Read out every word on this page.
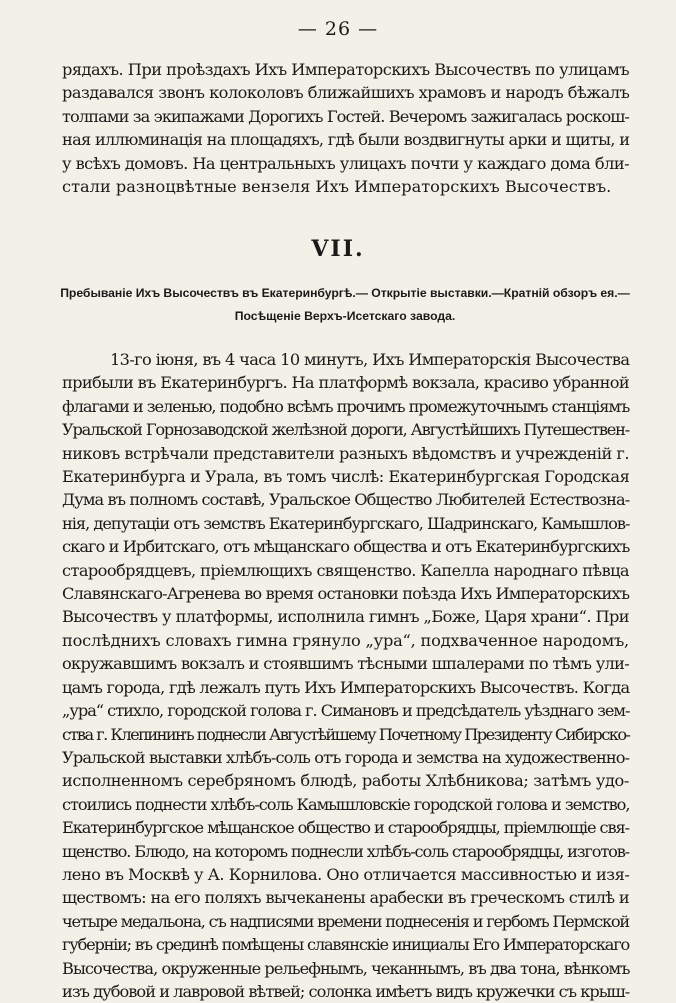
— 26 —
рядахъ. При проѣздахъ Ихъ Императорскихъ Высочествъ по улицамъ
раздавался звонъ колоколовъ ближайшихъ храмовъ и народъ бѣжалъ
толпами за экипажами Дорогихъ Гостей. Вечеромъ зажигалась роскош-
ная иллюминація на площадяхъ, гдѣ были воздвигнуты арки и щиты, и
у всѣхъ домовъ. На центральныхъ улицахъ почти у каждаго дома бли-
стали разноцвѣтные вензеля Ихъ Императорскихъ Высочествъ.
VII.
Пребываніе Ихъ Высочествъ въ Екатеринбургѣ.— Открытіе выставки.—Кратній обзоръ ея.—
Посѣщеніе Верхъ-Исетскаго завода.
13-го іюня, въ 4 часа 10 минутъ, Ихъ Императорскія Высочества
прибыли въ Екатеринбургъ. На платформѣ вокзала, красиво убранной
флагами и зеленью, подобно всѣмъ прочимъ промежуточнымъ станціямъ
Уральской Горнозаводской желѣзной дороги, Августѣйшихъ Путешествен-
никовъ встрѣчали представители разныхъ вѣдомствъ и учрежденій г.
Екатеринбурга и Урала, въ томъ числѣ: Екатеринбургская Городская
Дума въ полномъ составѣ, Уральское Общество Любителей Естествозна-
нія, депутаціи отъ земствъ Екатеринбургскаго, Шадринскаго, Камышлов-
скаго и Ирбитскаго, отъ мѣщанскаго общества и отъ Екатеринбургскихъ
старообрядцевъ, пріемлющихъ священство. Капелла народнаго пѣвца
Славянскаго-Агренева во время остановки поѣзда Ихъ Императорскихъ
Высочествъ у платформы, исполнила гимнъ „Боже, Царя храни“. При
послѣднихъ словахъ гимна грянуло „ура“, подхваченное народомъ,
окружавшимъ вокзалъ и стоявшимъ тѣсными шпалерами по тѣмъ ули-
цамъ города, гдѣ лежалъ путь Ихъ Императорскихъ Высочествъ. Когда
„ура“ стихло, городской голова г. Симановъ и предсѣдатель уѣзднаго зем-
ства г. Клепининъ поднесли Августѣйшему Почетному Президенту Сибирско-
Уральской выставки хлѣбъ-соль отъ города и земства на художественно-
исполненномъ серебряномъ блюдѣ, работы Хлѣбникова; затѣмъ удо-
стоились поднести хлѣбъ-соль Камышловскіе городской голова и земство,
Екатеринбургское мѣщанское общество и старообрядцы, пріемлющіе свя-
щенство. Блюдо, на которомъ поднесли хлѣбъ-соль старообрядцы, изготов-
лено въ Москвѣ у А. Корнилова. Оно отличается массивностью и изя-
ществомъ: на его поляхъ вычеканены арабески въ греческомъ стилѣ и
четыре медальона, съ надписями времени поднесенія и гербомъ Пермской
губерніи; въ срединѣ помѣщены славянскіе инициалы Его Императорскаго
Высочества, окруженные рельефнымъ, чеканнымъ, въ два тона, вѣнкомъ
изъ дубовой и лавровой вѣтвей; солонка имѣетъ видъ кружечки съ крыш-
